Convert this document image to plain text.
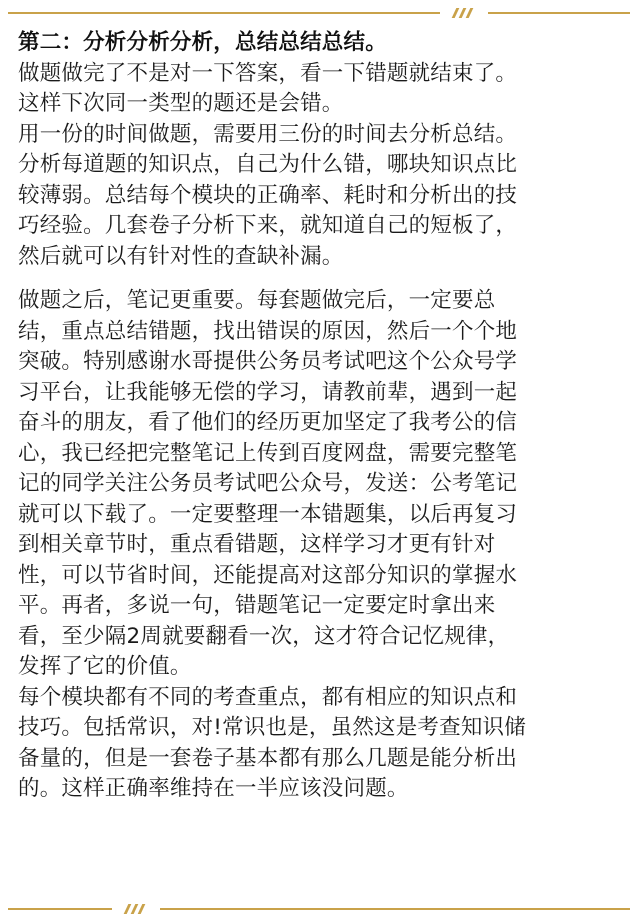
第二：分析分析分析，总结总结总结。

做题做完了不是对一下答案，看一下错题就结束了。
这样下次同一类型的题还是会错。

用一份的时间做题，需要用三份的时间去分析总结。
分析每道题的知识点，自己为什么错，哪块知识点比
较薄弱。总结每个模块的正确率、耗时和分析出的技
巧经验。几套卷子分析下来，就知道自己的短板了，
然后就可以有针对性的查缺补漏。

做题之后，笔记更重要。每套题做完后，一定要总
结，重点总结错题，找出错误的原因，然后一个个地
突破。特别感谢水哥提供公务员考试吧这个公众号学
习平台，让我能够无偿的学习，请教前辈，遇到一起
奋斗的朋友，看了他们的经历更加坚定了我考公的信
心，我已经把完整笔记上传到百度网盘，需要完整笔
记的同学关注公务员考试吧公众号，发送：公考笔记
就可以下载了。一定要整理一本错题集，以后再复习
到相关章节时，重点看错题，这样学习才更有针对
性，可以节省时间，还能提高对这部分知识的掌握水
平。再者，多说一句，错题笔记一定要定时拿出来
看，至少隔2周就要翻看一次，这才符合记忆规律，
发挥了它的价值。

每个模块都有不同的考查重点，都有相应的知识点和
技巧。包括常识，对!常识也是，虽然这是考查知识储
备量的，但是一套卷子基本都有那么几题是能分析出
的。这样正确率维持在一半应该没问题。
